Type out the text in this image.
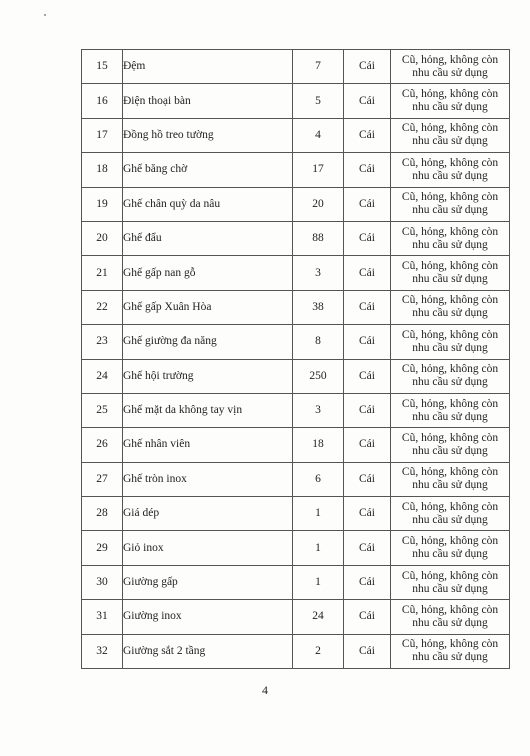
15	Đệm	7	Cái	Cũ, hỏng, không còn
nhu cầu sử dụng

16	Điện thoại bàn	5	Cái	Cũ, hỏng, không còn
nhu cầu sử dụng

17	Đồng hồ treo tường	4	Cái	Cũ, hỏng, không còn
nhu cầu sử dụng

18	Ghế băng chờ	17	Cái	Cũ, hỏng, không còn
nhu cầu sử dụng

19	Ghế chân quỳ da nâu	20	Cái	Cũ, hỏng, không còn
nhu cầu sử dụng

20	Ghế đẩu	88	Cái	Cũ, hỏng, không còn
nhu cầu sử dụng

21	Ghế gấp nan gỗ	3	Cái	Cũ, hỏng, không còn
nhu cầu sử dụng

22	Ghế gấp Xuân Hòa	38	Cái	Cũ, hỏng, không còn
nhu cầu sử dụng

23	Ghế giường đa năng	8	Cái	Cũ, hỏng, không còn
nhu cầu sử dụng

24	Ghế hội trường	250	Cái	Cũ, hỏng, không còn
nhu cầu sử dụng

25	Ghế mặt da không tay vịn	3	Cái	Cũ, hỏng, không còn
nhu cầu sử dụng

26	Ghế nhân viên	18	Cái	Cũ, hỏng, không còn
nhu cầu sử dụng

27	Ghế tròn inox	6	Cái	Cũ, hỏng, không còn
nhu cầu sử dụng

28	Giá dép	1	Cái	Cũ, hỏng, không còn
nhu cầu sử dụng

29	Giỏ inox	1	Cái	Cũ, hỏng, không còn
nhu cầu sử dụng

30	Giường gấp	1	Cái	Cũ, hỏng, không còn
nhu cầu sử dụng

31	Giường inox	24	Cái	Cũ, hỏng, không còn
nhu cầu sử dụng

32	Giường sắt 2 tầng	2	Cái	Cũ, hỏng, không còn
nhu cầu sử dụng
4
